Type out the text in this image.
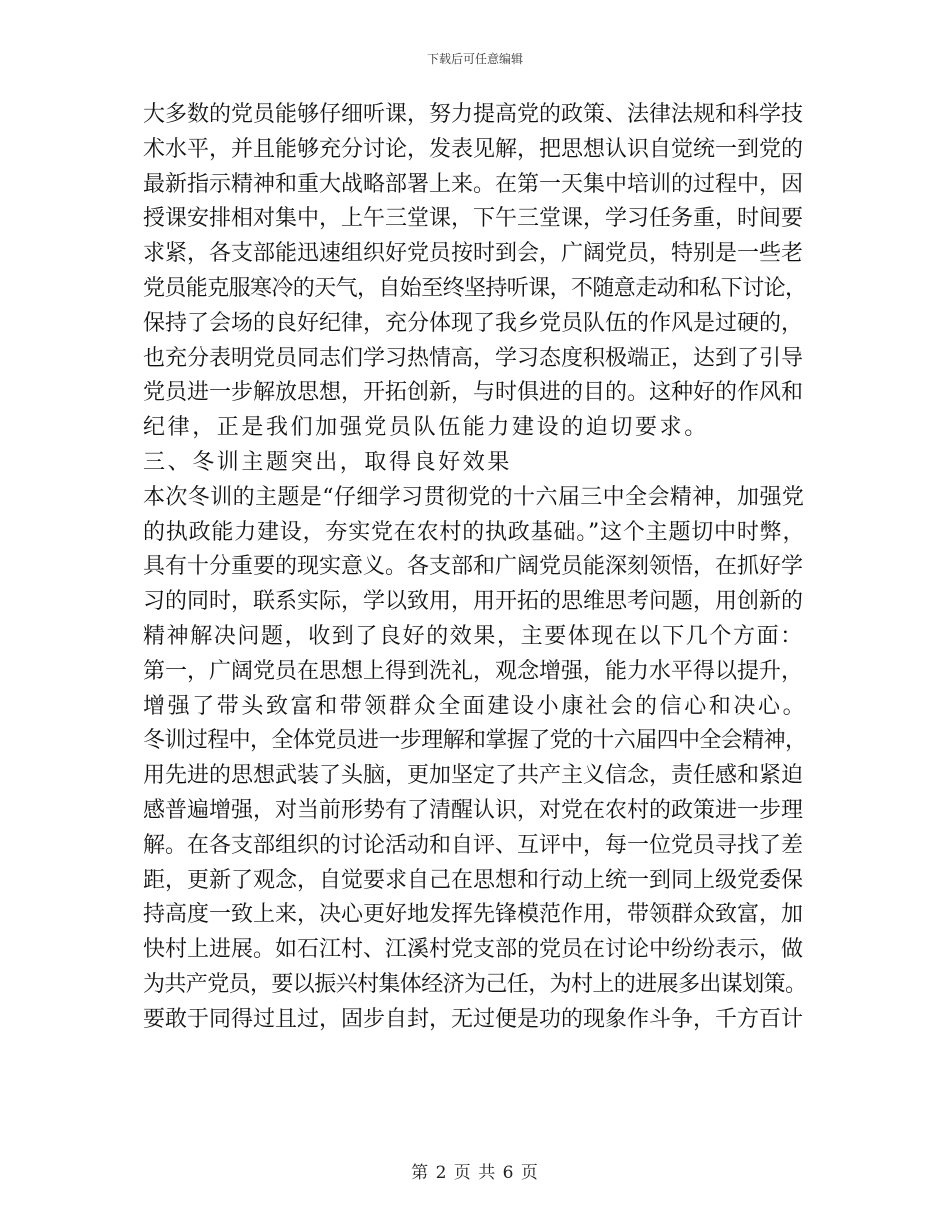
下载后可任意编辑
大多数的党员能够仔细听课，努力提高党的政策、法律法规和科学技
术水平，并且能够充分讨论，发表见解，把思想认识自觉统一到党的
最新指示精神和重大战略部署上来。在第一天集中培训的过程中，因
授课安排相对集中，上午三堂课，下午三堂课，学习任务重，时间要
求紧，各支部能迅速组织好党员按时到会，广阔党员，特别是一些老
党员能克服寒冷的天气，自始至终坚持听课，不随意走动和私下讨论，
保持了会场的良好纪律，充分体现了我乡党员队伍的作风是过硬的，
也充分表明党员同志们学习热情高，学习态度积极端正，达到了引导
党员进一步解放思想，开拓创新，与时俱进的目的。这种好的作风和
纪律，正是我们加强党员队伍能力建设的迫切要求。
三、冬训主题突出，取得良好效果
本次冬训的主题是“仔细学习贯彻党的十六届三中全会精神，加强党
的执政能力建设，夯实党在农村的执政基础。”这个主题切中时弊，
具有十分重要的现实意义。各支部和广阔党员能深刻领悟，在抓好学
习的同时，联系实际，学以致用，用开拓的思维思考问题，用创新的
精神解决问题，收到了良好的效果，主要体现在以下几个方面：
第一，广阔党员在思想上得到洗礼，观念增强，能力水平得以提升，
增强了带头致富和带领群众全面建设小康社会的信心和决心。
冬训过程中，全体党员进一步理解和掌握了党的十六届四中全会精神，
用先进的思想武装了头脑，更加坚定了共产主义信念，责任感和紧迫
感普遍增强，对当前形势有了清醒认识，对党在农村的政策进一步理
解。在各支部组织的讨论活动和自评、互评中，每一位党员寻找了差
距，更新了观念，自觉要求自己在思想和行动上统一到同上级党委保
持高度一致上来，决心更好地发挥先锋模范作用，带领群众致富，加
快村上进展。如石江村、江溪村党支部的党员在讨论中纷纷表示，做
为共产党员，要以振兴村集体经济为己任，为村上的进展多出谋划策。
要敢于同得过且过，固步自封，无过便是功的现象作斗争，千方百计
第 2 页 共 6 页
